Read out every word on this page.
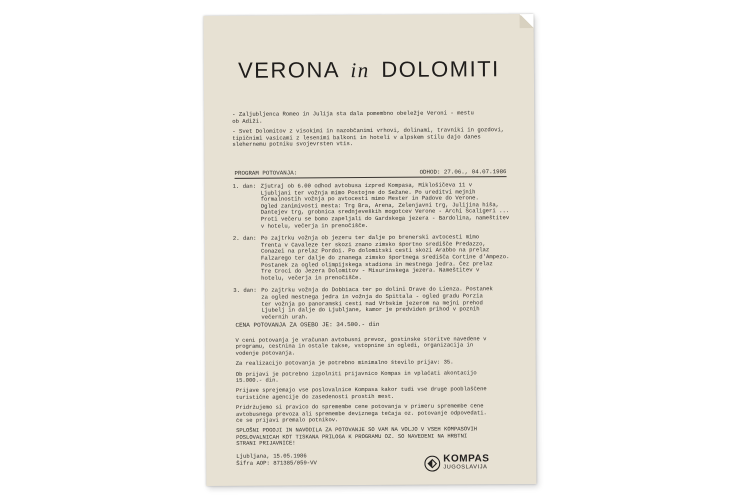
VERONA in DOLOMITI
- Zaljubljenca Romeo in Julija sta dala pomembno obeležje Veroni - mestu
ob Adiži.
- Svet Dolomitov z visokimi in nazobčanimi vrhovi, dolinami, travniki in gozdovi,
tipičnimi vasicami z lesenimi balkoni in hoteli v alpskem stilu dajo danes
slehernemu potniku svojevrsten vtis.
PROGRAM POTOVANJA:	ODHOD: 27.06., 04.07.1986
1. dan: Zjutraj ob 6.00 odhod avtobusa izpred Kompasa, Miklošičeva 11 v
Ljubljani ter vožnja mimo Postojne do Sežane. Po ureditvi mejnih
formalnostih vožnja po avtocesti mimo Mester in Padove do Verone.
Ogled zanimivosti mesta: Trg Bra, Arena, Zelenjavni trg, Julijina hiša,
Dantejev trg, grobnica srednjeveških mogotcev Verone - Archi Scaligeri ...
Proti večeru se bomo zapeljali do Gardskega jezera - Bardolina, nameštitev
v hotelu, večerja in prenočišče.
2. dan: Po zajtrku vožnja ob jezeru ter dalje po brenerski avtocesti mimo
Trenta v Cavaleze ter skozi znano zimsko športno središče Predazzo,
Conazei na prelaz Pordoi. Po dolomitski cesti skozi Arabbo na prelaz
Falzarego ter dalje do znanega zimsko športnega središča Cortine d'Ampezo.
Postanek za ogled olimpijskega stadiona in mestnega jedra. Čez prelaz
Tre Croci do Jezera Dolomitov - Misurinskega jezera. Nameštitev v
hotelu, večerja in prenočišče.
3. dan: Po zajtrku vožnja do Dobbiaca ter po dolini Drave do Lienza. Postanek
za ogled mestnega jedra in vožnja do Spittala - ogled gradu Porzia
ter vožnja po panoramski cesti nad Vrbskim jezerom na mejni prehod
Ljubelj in dalje do Ljubljane, kamor je predviden prihod v poznih
večernih urah.
CENA POTOVANJA ZA OSEBO JE: 34.500.- din
V ceni potovanja je vračunan avtobusni prevoz, gostinske storitve navedene v
programu, cestnina in ostale takse, vstopnine in ogledi, organizacija in
vodenje potovanja.
Za realizacijo potovanja je potrebno minimalno število prijav: 35.
Ob prijavi je potrebno izpolniti prijavnico Kompas in vplačati akontacijo
15.000.- din.
Prijave sprejemajo vse poslovalnice Kompasa kakor tudi vse druge pooblaščene
turistične agencije do zasedenosti prostih mest.
Pridržujemo si pravico do spremembe cene potovanja v primeru spremembe cene
avtobusnega prevoza ali spremembe deviznega tečaja oz. potovanje odpovedati.
če se prijavi premalo potnikov.
SPLOŠNI POGOJI IN NAVODILA ZA POTOVANJE SO VAM NA VOLJO V VSEH KOMPASOVIH
POSLOVALNICAH KOT TISKANA PRILOGA K PROGRAMU OZ. SO NAVEDENI NA HRBTNI
STRANI PRIJAVNICE!
Ljubljana, 15.05.1986
Šifra AOP: 871385/059-VV	KOMPAS
JUGOSLAVIJA
